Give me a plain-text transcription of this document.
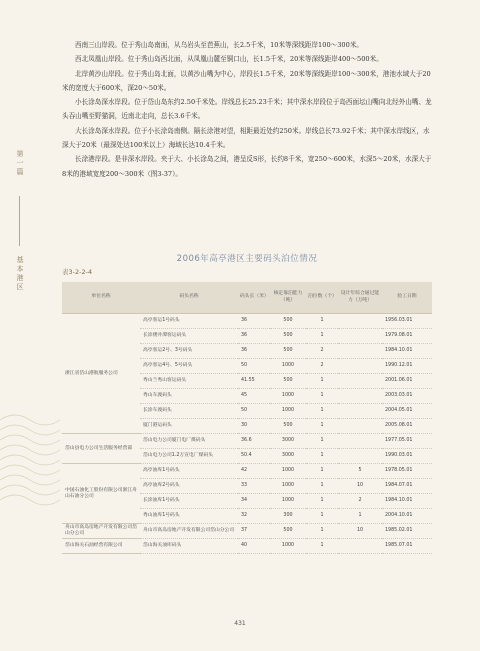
第一篇
基本港区

西南三山岸段。位于秀山岛南面，从乌岩头至芭蕉山，长2.5千米，10米等深线距岸100～300米。

西北凤凰山岸段。位于秀山岛西北面，从凤凰山麓至铜口山，长1.5千米，20米等深线距岸400～500米。

北岸黄沙山岸段。位于秀山岛北面，以黄沙山嘴为中心，岸段长1.5千米，20米等深线距岸100～300米，港池水域大于20米的宽度大于600米，深20～50米。

小长涂岛深水岸段。位于岱山岛东约2.50千米处。岸线总长25.23千米；其中深水岸段位于岛西面坛山嘴向北经外山嘴、龙头吞山嘴至野猫洞，近南北走向，总长3.6千米。

大长涂岛深水岸段。位于小长涂岛南侧。隔长涂港对望，相距最近处约250米。岸线总长73.92千米；其中深水岸线区，水深大于20米（最深处达100米以上）海域长达10.4千米。

长涂港岸段。是非深水岸段。夹于大、小长涂岛之间，港呈反S形，长约8千米，宽250～600米，水深5～20米，水深大于8米的港域宽度200～300米（图3-37）。

2006年高亭港区主要码头泊位情况
表3-2-2-4
单位名称	码头名称	码头长（米）	核定靠泊能力（吨）	泊位数（个）	设计年综合通过能力（万吨）	验工日期
浙江省岱山港航服务公司	高亭客运1号码头	36	500	1		1956.03.01
	长涂倭井潭客运码头	36	500	1		1979.08.01
	高亭客运2号、3号码头	36	500	2		1984.10.01
	高亭客运4号、5号码头	50	1000	2		1990.12.01
	秀山兰秀山客运码头	41.55	500	1		2001.06.01
	秀山车渡码头	45	1000	1		2003.03.01
	长涂车渡码头	50	1000	1		2004.05.01
	厦门港运码头	30	500	1		2005.08.01
岱山县电力公司生活服务经营部	岱山电力公司厦门电厂煤码头	36.6	3000	1		1977.05.01
	岱山电力公司1.2万宣电厂煤码头	50.4	3000	1		1990.03.01
中国石油化工股份有限公司浙江舟山石油分公司	高亭油库1号码头	42	1000	1	5	1978.05.01
	高亭油库2号码头	33	1000	1	10	1984.07.01
	长涂油库1号码头	34	1000	1	2	1984.10.01
	秀山油库1号码头	32	300	1	1	2004.10.01
舟山市高岛房地产开发有限公司岱山分公司	舟山市高岛房地产开发有限公司岱山分公司	37	500	1	10	1985.02.01
岱山海关石油经营有限公司	岱山海关油库码头	40	1000	1		1985.07.01
431
